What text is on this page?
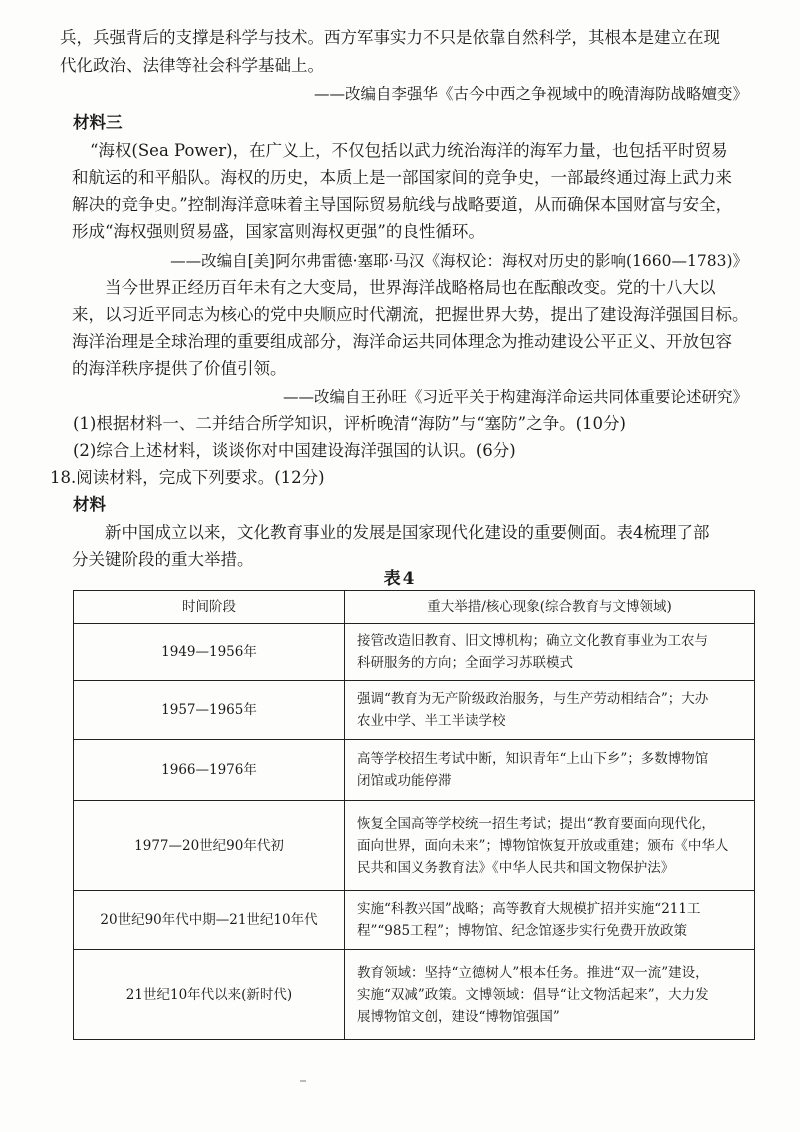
兵，兵强背后的支撑是科学与技术。西方军事实力不只是依靠自然科学，其根本是建立在现
代化政治、法律等社会科学基础上。
——改编自李强华《古今中西之争视域中的晚清海防战略嬗变》
材料三
“海权(Sea Power)，在广义上，不仅包括以武力统治海洋的海军力量，也包括平时贸易
和航运的和平船队。海权的历史，本质上是一部国家间的竞争史，一部最终通过海上武力来
解决的竞争史。”控制海洋意味着主导国际贸易航线与战略要道，从而确保本国财富与安全，
形成“海权强则贸易盛，国家富则海权更强”的良性循环。
——改编自[美]阿尔弗雷德·塞耶·马汉《海权论：海权对历史的影响(1660—1783)》
当今世界正经历百年未有之大变局，世界海洋战略格局也在酝酿改变。党的十八大以
来，以习近平同志为核心的党中央顺应时代潮流，把握世界大势，提出了建设海洋强国目标。
海洋治理是全球治理的重要组成部分，海洋命运共同体理念为推动建设公平正义、开放包容
的海洋秩序提供了价值引领。
——改编自王孙旺《习近平关于构建海洋命运共同体重要论述研究》
(1)根据材料一、二并结合所学知识，评析晚清“海防”与“塞防”之争。(10分)
(2)综合上述材料，谈谈你对中国建设海洋强国的认识。(6分)
18.阅读材料，完成下列要求。(12分)
材料
新中国成立以来，文化教育事业的发展是国家现代化建设的重要侧面。表4梳理了部
分关键阶段的重大举措。
表4
时间阶段	重大举措/核心现象(综合教育与文博领域)
1949—1956年	接管改造旧教育、旧文博机构；确立文化教育事业为工农与
科研服务的方向；全面学习苏联模式

1957—1965年	强调“教育为无产阶级政治服务，与生产劳动相结合”；大办
农业中学、半工半读学校

1966—1976年	高等学校招生考试中断，知识青年“上山下乡”；多数博物馆
闭馆或功能停滞

1977—20世纪90年代初	恢复全国高等学校统一招生考试；提出“教育要面向现代化，
面向世界，面向未来”；博物馆恢复开放或重建；颁布《中华人
民共和国义务教育法》《中华人民共和国文物保护法》

20世纪90年代中期—21世纪10年代	实施“科教兴国”战略；高等教育大规模扩招并实施“211工
程”“985工程”；博物馆、纪念馆逐步实行免费开放政策

21世纪10年代以来(新时代)	教育领域：坚持“立德树人”根本任务。推进“双一流”建设，
实施“双减”政策。文博领域：倡导“让文物活起来”，大力发
展博物馆文创，建设“博物馆强国”
